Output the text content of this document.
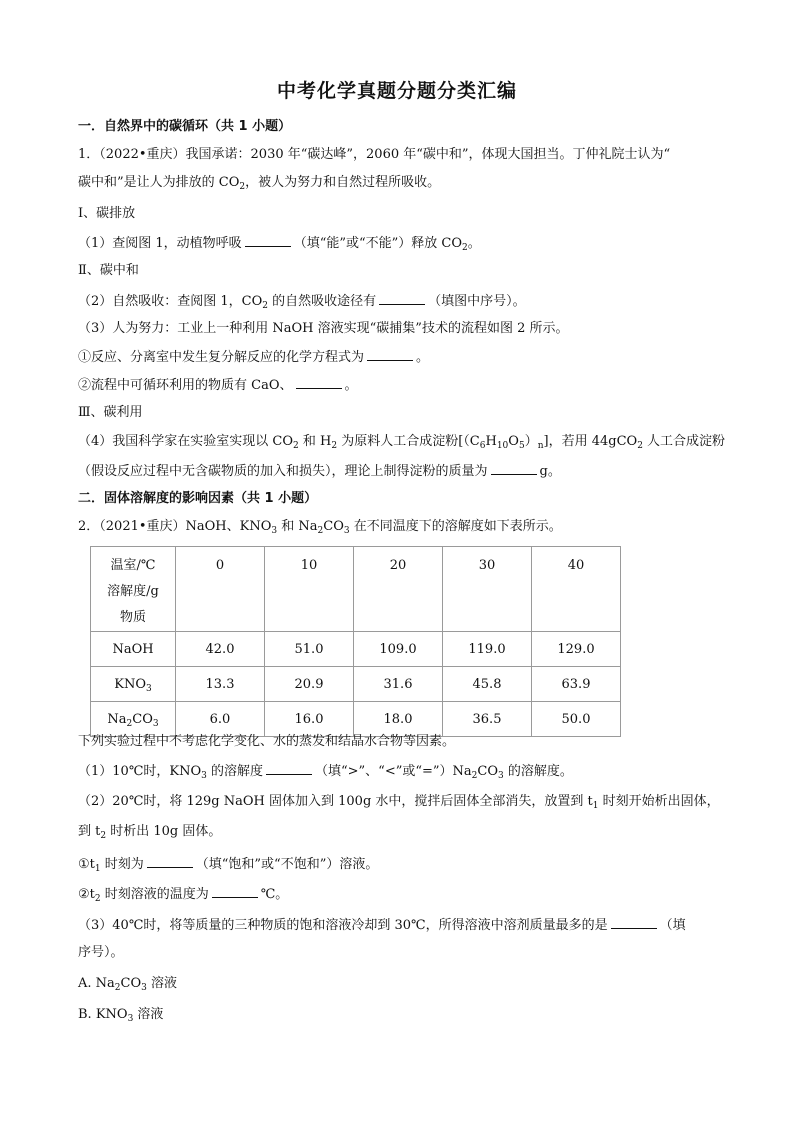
中考化学真题分题分类汇编
一．自然界中的碳循环（共 1 小题）
1．（2022•重庆）我国承诺：2030 年“碳达峰”，2060 年“碳中和”，体现大国担当。丁仲礼院士认为“
碳中和”是让人为排放的 $CO_2$，被人为努力和自然过程所吸收。
Ⅰ、碳排放
（1）查阅图 1，动植物呼吸	（填“能”或“不能”）释放 $CO_2$。
Ⅱ、碳中和
（2）自然吸收：查阅图 1，$CO_2$ 的自然吸收途径有	（填图中序号）。
（3）人为努力：工业上一种利用 NaOH 溶液实现“碳捕集”技术的流程如图 2 所示。
①反应、分离室中发生复分解反应的化学方程式为	。
②流程中可循环利用的物质有 CaO、	。
Ⅲ、碳利用
（4）我国科学家在实验室实现以 $CO_2$ 和 $H_2$ 为原料人工合成淀粉$[(C_6H_{10}O_5)_n]$，若用 44gCO$_2$ 人工合成淀粉
（假设反应过程中无含碳物质的加入和损失），理论上制得淀粉的质量为	g。
二．固体溶解度的影响因素（共 1 小题）
2．（2021•重庆）NaOH、$KNO_3$ 和 $Na_2CO_3$ 在不同温度下的溶解度如下表所示。
温室/℃
溶解度/g
物质	0	10	20	30	40

NaOH	42.0	51.0	109.0	119.0	129.0
$KNO_3$	13.3	20.9	31.6	45.8	63.9
$Na_2CO_3$	6.0	16.0	18.0	36.5	50.0
下列实验过程中不考虑化学变化、水的蒸发和结晶水合物等因素。
（1）10℃时，$KNO_3$ 的溶解度	（填“>”、“<”或“$=”)Na_2CO_3$ 的溶解度。
（2）20℃时，将 129g NaOH 固体加入到 100g 水中，搅拌后固体全部消失，放置到 $t_1$ 时刻开始析出固体，
到 $t_2$ 时析出 10g 固体。
$①t_1$ 时刻为	（填“饱和”或“不饱和”）溶液。
$②t_2$ 时刻溶液的温度为	℃。
（3）40℃时，将等质量的三种物质的饱和溶液冷却到 30℃，所得溶液中溶剂质量最多的是	（填
序号）。
A. $Na_2CO_3$ 溶液
B. $KNO_3$ 溶液
